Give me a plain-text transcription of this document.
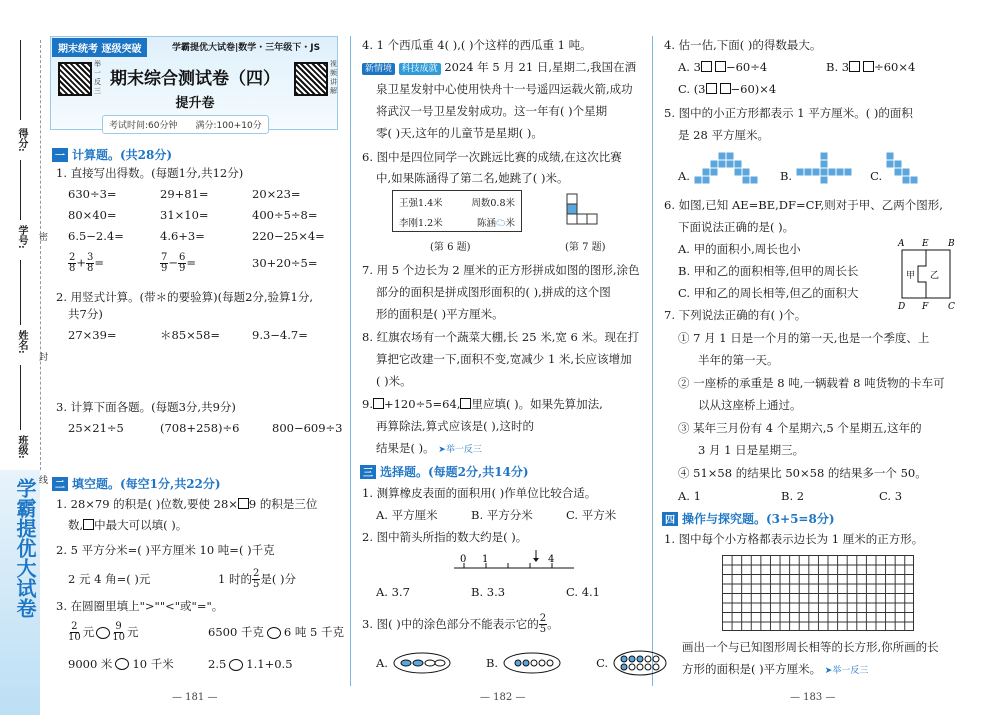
学霸提优大试卷
得分:
学号:
姓名:
班级:
密
封
线
期末统考 逐级突破	学霸提优大试卷|数学・三年级下・JS
举一反三
视频讲解
期末综合测试卷（四）
提升卷
考试时间:60分钟 满分:100+10分
一 计算题。(共28分)
1. 直接写出得数。(每题1分,共12分)
630÷3=	29+81=	20×23=
80×40=	31×10=	400÷5÷8=
6.5−2.4=	4.6+3=	220−25×4=
$\frac{2}{8} + \frac{3}{8}$ =	$\frac{7}{9} - \frac{6}{9}$ =	30+20÷5=
2. 用竖式计算。(带＊的要验算)(每题2分,验算1分,
共7分)
27×39=	＊85×58=	9.3−4.7=
3. 计算下面各题。(每题3分,共9分)
25×21÷5	(708+258)÷6	800−609÷3
二 填空题。(每空1分,共22分)
1. 28×79 的积是( )位数,要使 28× 9 的积是三位
数, 中最大可以填( )。
2. 5 平方分米=( )平方厘米 10 吨=( )千克
2 元 4 角=( )元	1 时的 $\frac{2}{5}$ 是( )分
3. 在圆圈里填上">""<"或"="。
$\frac{2}{10}$ 元 $\frac{9}{10}$ 元	6500 千克 6 吨 5 千克
9000 米 10 千米	2.5 1.1+0.5
— 181 —
4. 1 个西瓜重 4( ),( )个这样的西瓜重 1 吨。
新情境 科技成就 2024 年 5 月 21 日,星期二,我国在酒
泉卫星发射中心使用快舟十一号遥四运载火箭,成功
将武汉一号卫星发射成功。这一年有( )个星期
零( )天,这年的儿童节是星期( )。
6. 图中是四位同学一次跳远比赛的成绩,在这次比赛
中,如果陈涵得了第二名,她跳了( )米。
王强1.4米	周数0.8米
李刚1.2米	陈涵☁米
(第 6 题)	(第 7 题)
7. 用 5 个边长为 2 厘米的正方形拼成如图的图形,涂色
部分的面积是拼成图形面积的( ),拼成的这个图
形的面积是( )平方厘米。
8. 红旗农场有一个蔬菜大棚,长 25 米,宽 6 米。现在打
算把它改建一下,面积不变,宽减少 1 米,长应该增加
( )米。
9. +120÷5=64, 里应填( )。如果先算加法,
再算除法,算式应该是( ),这时的
结果是( )。 ➤举一反三
三 选择题。(每题2分,共14分)
1. 测算橡皮表面的面积用( )作单位比较合适。
A. 平方厘米	B. 平方分米	C. 平方米
2. 图中箭头所指的数大约是( )。
0 1	4
A. 3.7	B. 3.3	C. 4.1
3. 图( )中的涂色部分不能表示它的 $\frac{2}{5}$ 。
A.	B.	C.
— 182 —
4. 估一估,下面( )的得数最大。
A. 3 −60÷4	B. 3 ÷60×4
C. (3 −60)×4
5. 图中的小正方形都表示 1 平方厘米。( )的面积
是 28 平方厘米。
A.	B.	C.
6. 如图,已知 AE=BE,DF=CF,则对于甲、乙两个图形,
下面说法正确的是( )。
A. 甲的面积小,周长也小
B. 甲和乙的面积相等,但甲的周长长
C. 甲和乙的周长相等,但乙的面积大
A E B
D F C
甲 乙
7. 下列说法正确的有( )个。
① 7 月 1 日是一个月的第一天,也是一个季度、上
半年的第一天。
② 一座桥的承重是 8 吨,一辆载着 8 吨货物的卡车可
以从这座桥上通过。
③ 某年三月份有 4 个星期六,5 个星期五,这年的
3 月 1 日是星期三。
④ 51×58 的结果比 50×58 的结果多一个 50。
A. 1	B. 2	C. 3
四 操作与探究题。(3+5=8分)
1. 图中每个小方格都表示边长为 1 厘米的正方形。
画出一个与已知图形周长相等的长方形,你所画的长
方形的面积是( )平方厘米。 ➤举一反三
— 183 —
